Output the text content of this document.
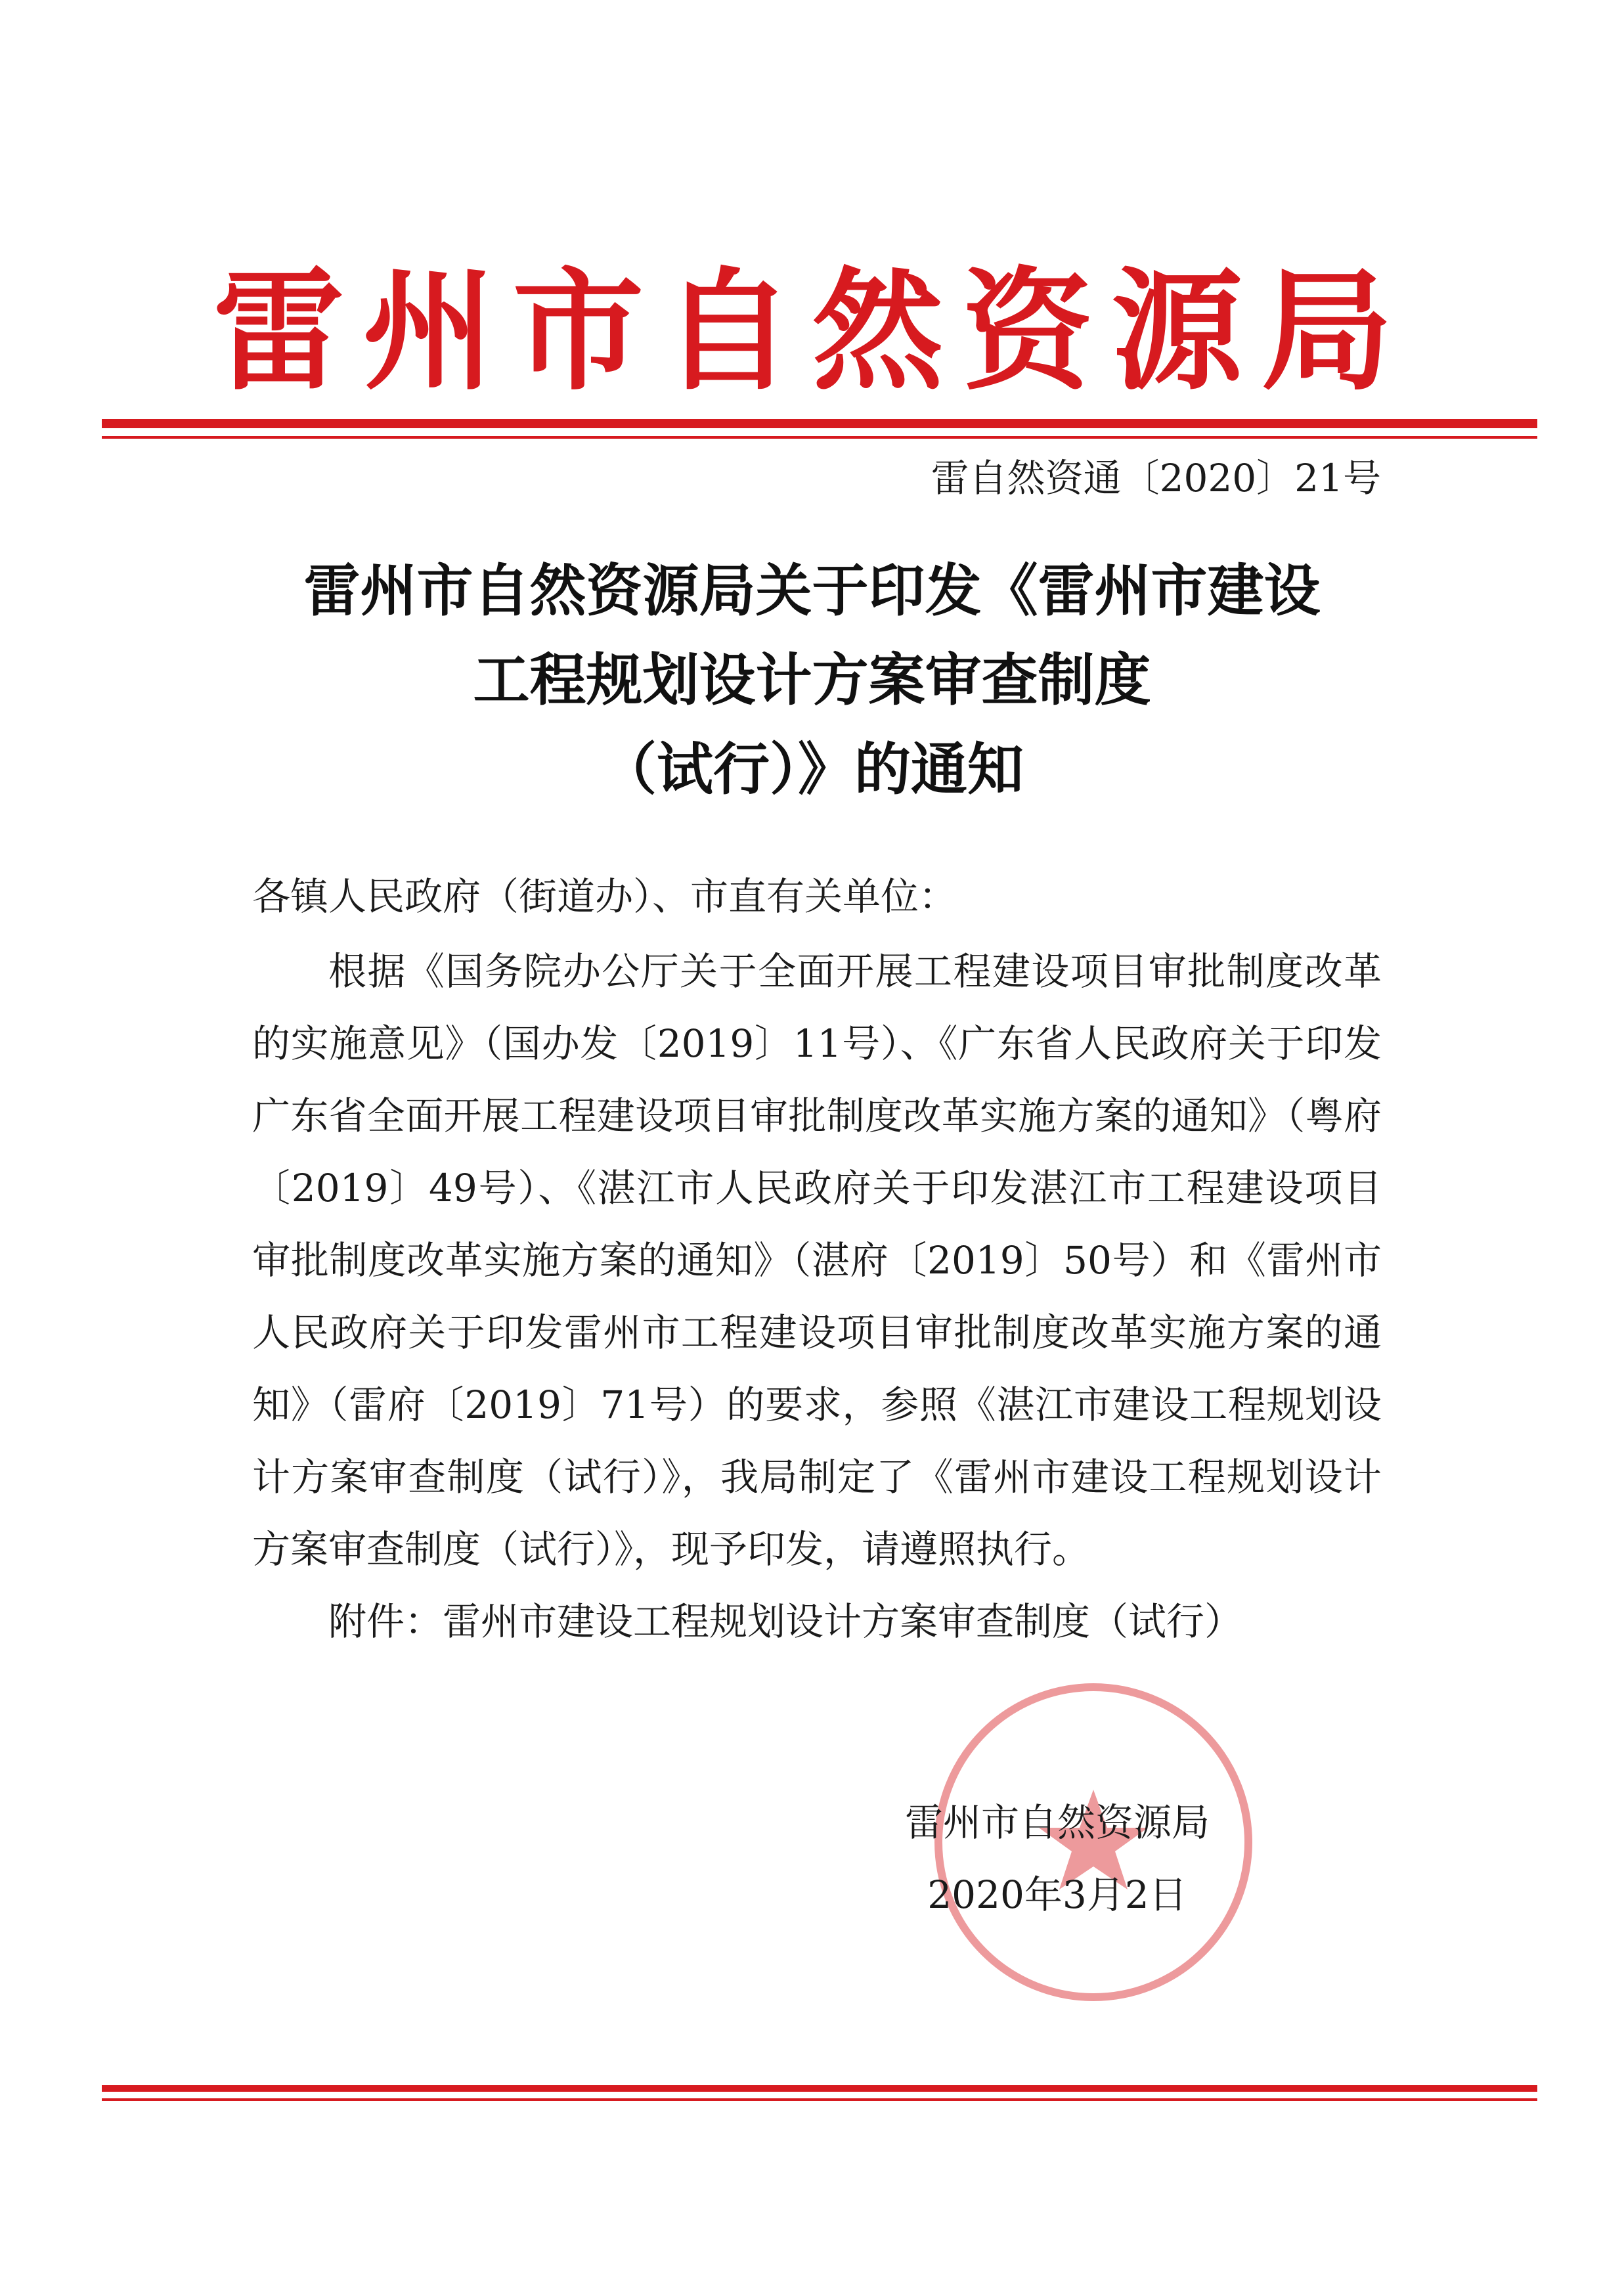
雷州市自然资源局
雷自然资通〔2020〕21号
雷州市自然资源局关于印发《雷州市建设
工程规划设计方案审查制度
（试行）》的通知
各镇人民政府（街道办）、市直有关单位：
根据《国务院办公厅关于全面开展工程建设项目审批制度改革的实施意见》（国办发〔2019〕11号）、《广东省人民政府关于印发广东省全面开展工程建设项目审批制度改革实施方案的通知》（粤府〔2019〕49号）、《湛江市人民政府关于印发湛江市工程建设项目审批制度改革实施方案的通知》（湛府〔2019〕50号）和《雷州市人民政府关于印发雷州市工程建设项目审批制度改革实施方案的通知》（雷府〔2019〕71号）的要求，参照《湛江市建设工程规划设计方案审查制度（试行）》，我局制定了《雷州市建设工程规划设计方案审查制度（试行）》，现予印发，请遵照执行。
附件：雷州市建设工程规划设计方案审查制度（试行）
雷州市自然资源局
2020年3月2日
